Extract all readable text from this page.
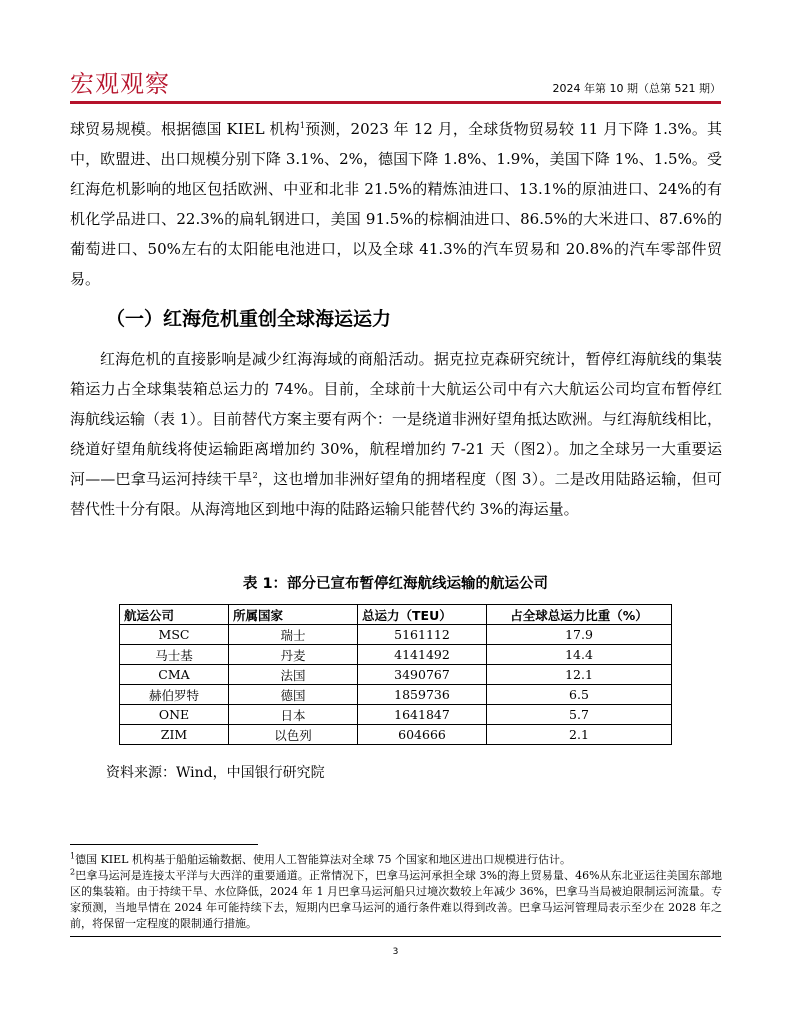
宏观观察	2024 年第 10 期（总第 521 期）

球贸易规模。根据德国 KIEL 机构$^1$预测，2023 年 12 月，全球货物贸易较 11 月下降 1.3%。其中，欧盟进、出口规模分别下降 3.1%、2%，德国下降 1.8%、1.9%，美国下降 1%、1.5%。受红海危机影响的地区包括欧洲、中亚和北非 21.5%的精炼油进口、13.1%的原油进口、24%的有机化学品进口、22.3%的扁轧钢进口，美国 91.5%的棕榈油进口、86.5%的大米进口、87.6%的葡萄进口、50%左右的太阳能电池进口，以及全球 41.3%的汽车贸易和 20.8%的汽车零部件贸易。

（一）红海危机重创全球海运运力

红海危机的直接影响是减少红海海域的商船活动。据克拉克森研究统计，暂停红海航线的集装箱运力占全球集装箱总运力的 74%。目前，全球前十大航运公司中有六大航运公司均宣布暂停红海航线运输（表 1）。目前替代方案主要有两个：一是绕道非洲好望角抵达欧洲。与红海航线相比，绕道好望角航线将使运输距离增加约 30%，航程增加约 7-21 天（图2）。加之全球另一大重要运河——巴拿马运河持续干旱$^2$，这也增加非洲好望角的拥堵程度（图 3）。二是改用陆路运输，但可替代性十分有限。从海湾地区到地中海的陆路运输只能替代约 3%的海运量。

表 1：部分已宣布暂停红海航线运输的航运公司
航运公司	所属国家	总运力（TEU）	占全球总运力比重（%）
MSC	瑞士	5161112	17.9
马士基	丹麦	4141492	14.4
CMA	法国	3490767	12.1
赫伯罗特	德国	1859736	6.5
ONE	日本	1641847	5.7
ZIM	以色列	604666	2.1
资料来源：Wind，中国银行研究院

$^1$德国 KIEL 机构基于船舶运输数据、使用人工智能算法对全球 75 个国家和地区进出口规模进行估计。

$^2$巴拿马运河是连接太平洋与大西洋的重要通道。正常情况下，巴拿马运河承担全球 3%的海上贸易量、46%从东北亚运往美国东部地区的集装箱。由于持续干旱、水位降低，2024 年 1 月巴拿马运河船只过境次数较上年减少 36%，巴拿马当局被迫限制运河流量。专家预测，当地旱情在 2024 年可能持续下去，短期内巴拿马运河的通行条件难以得到改善。巴拿马运河管理局表示至少在 2028 年之前，将保留一定程度的限制通行措施。

3
